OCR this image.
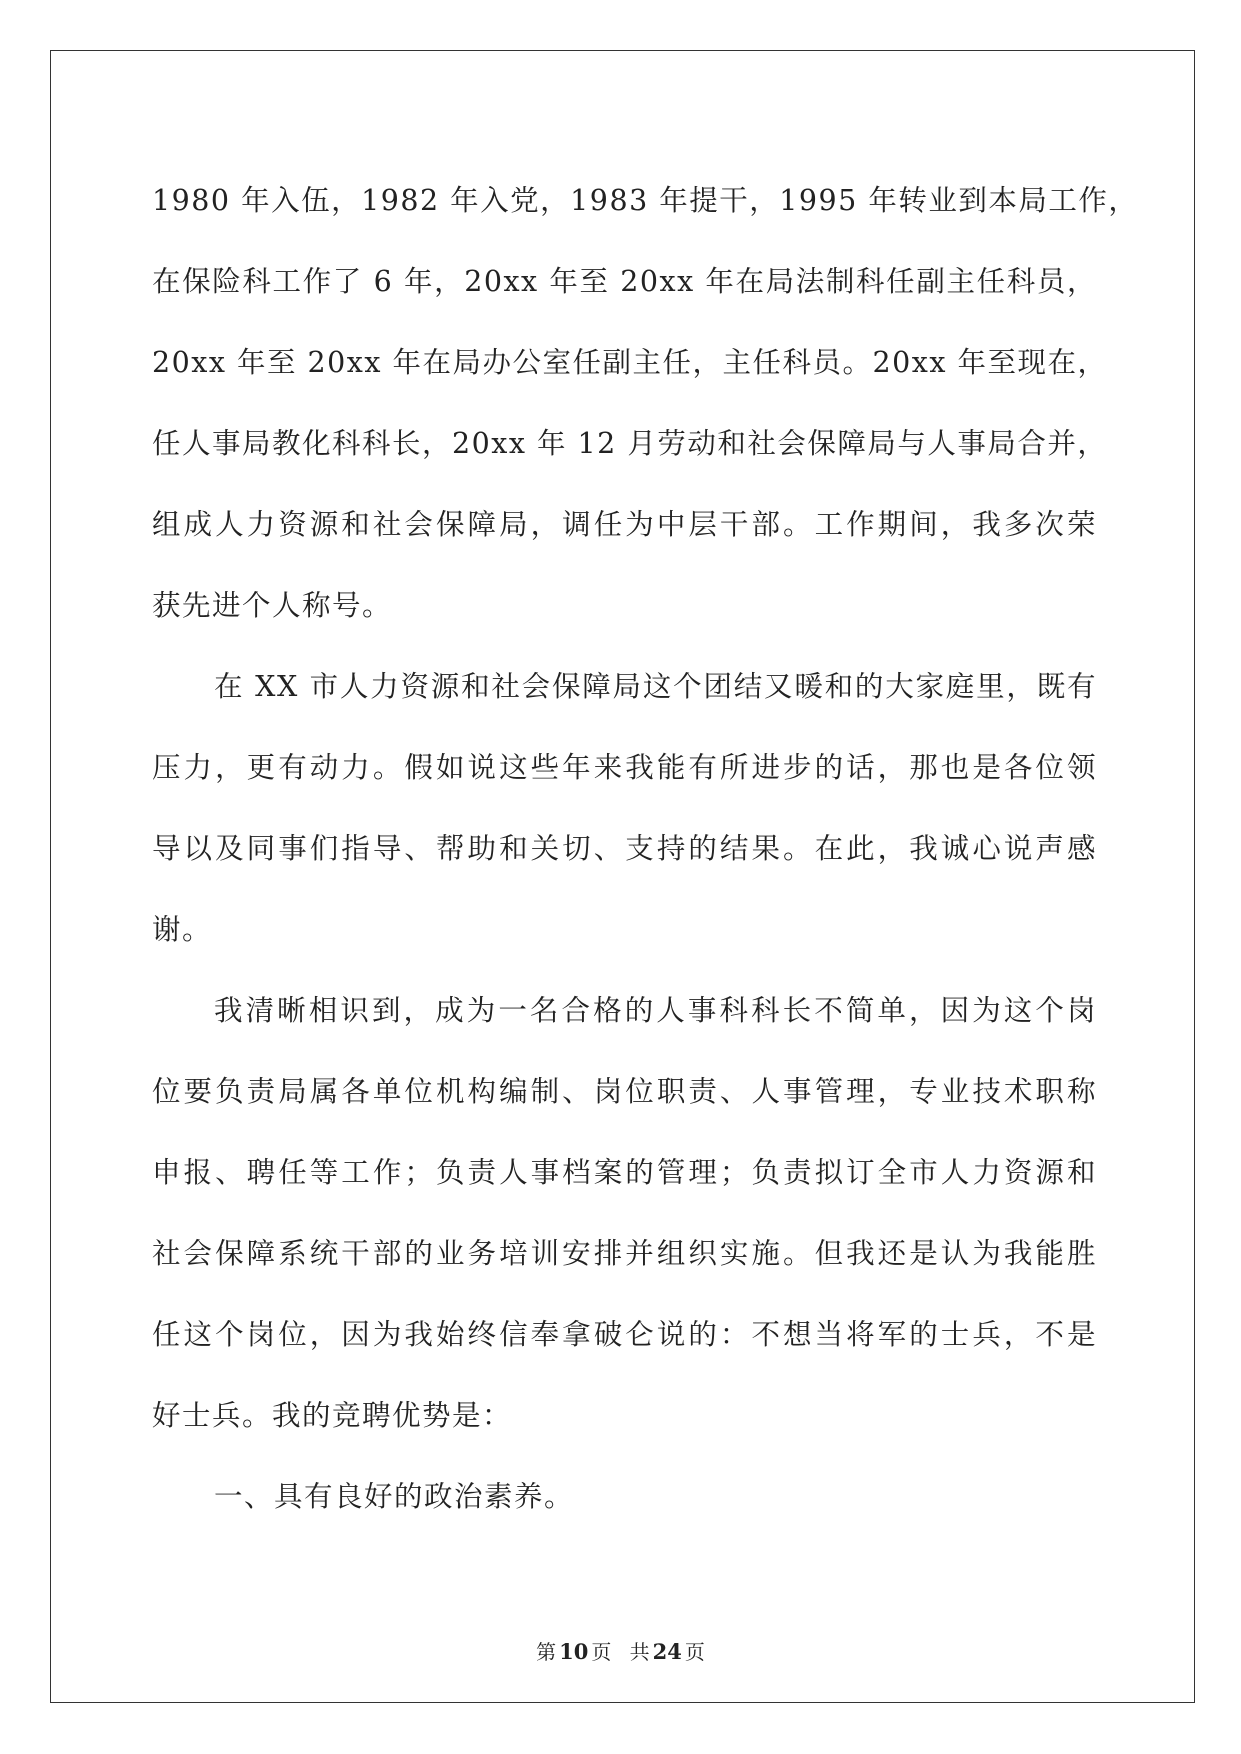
1980 年入伍，1982 年入党，1983 年提干，1995 年转业到本局工作，

在保险科工作了 6 年，20xx 年至 20xx 年在局法制科任副主任科员，

20xx 年至 20xx 年在局办公室任副主任，主任科员。20xx 年至现在，

任人事局教化科科长，20xx 年 12 月劳动和社会保障局与人事局合并，

组成人力资源和社会保障局，调任为中层干部。工作期间，我多次荣

获先进个人称号。

在 XX 市人力资源和社会保障局这个团结又暖和的大家庭里，既有

压力，更有动力。假如说这些年来我能有所进步的话，那也是各位领

导以及同事们指导、帮助和关切、支持的结果。在此，我诚心说声感

谢。

我清晰相识到，成为一名合格的人事科科长不简单，因为这个岗

位要负责局属各单位机构编制、岗位职责、人事管理，专业技术职称

申报、聘任等工作；负责人事档案的管理；负责拟订全市人力资源和

社会保障系统干部的业务培训安排并组织实施。但我还是认为我能胜

任这个岗位，因为我始终信奉拿破仑说的：不想当将军的士兵，不是

好士兵。我的竞聘优势是：

一、具有良好的政治素养。

第 10 页 共 24 页
